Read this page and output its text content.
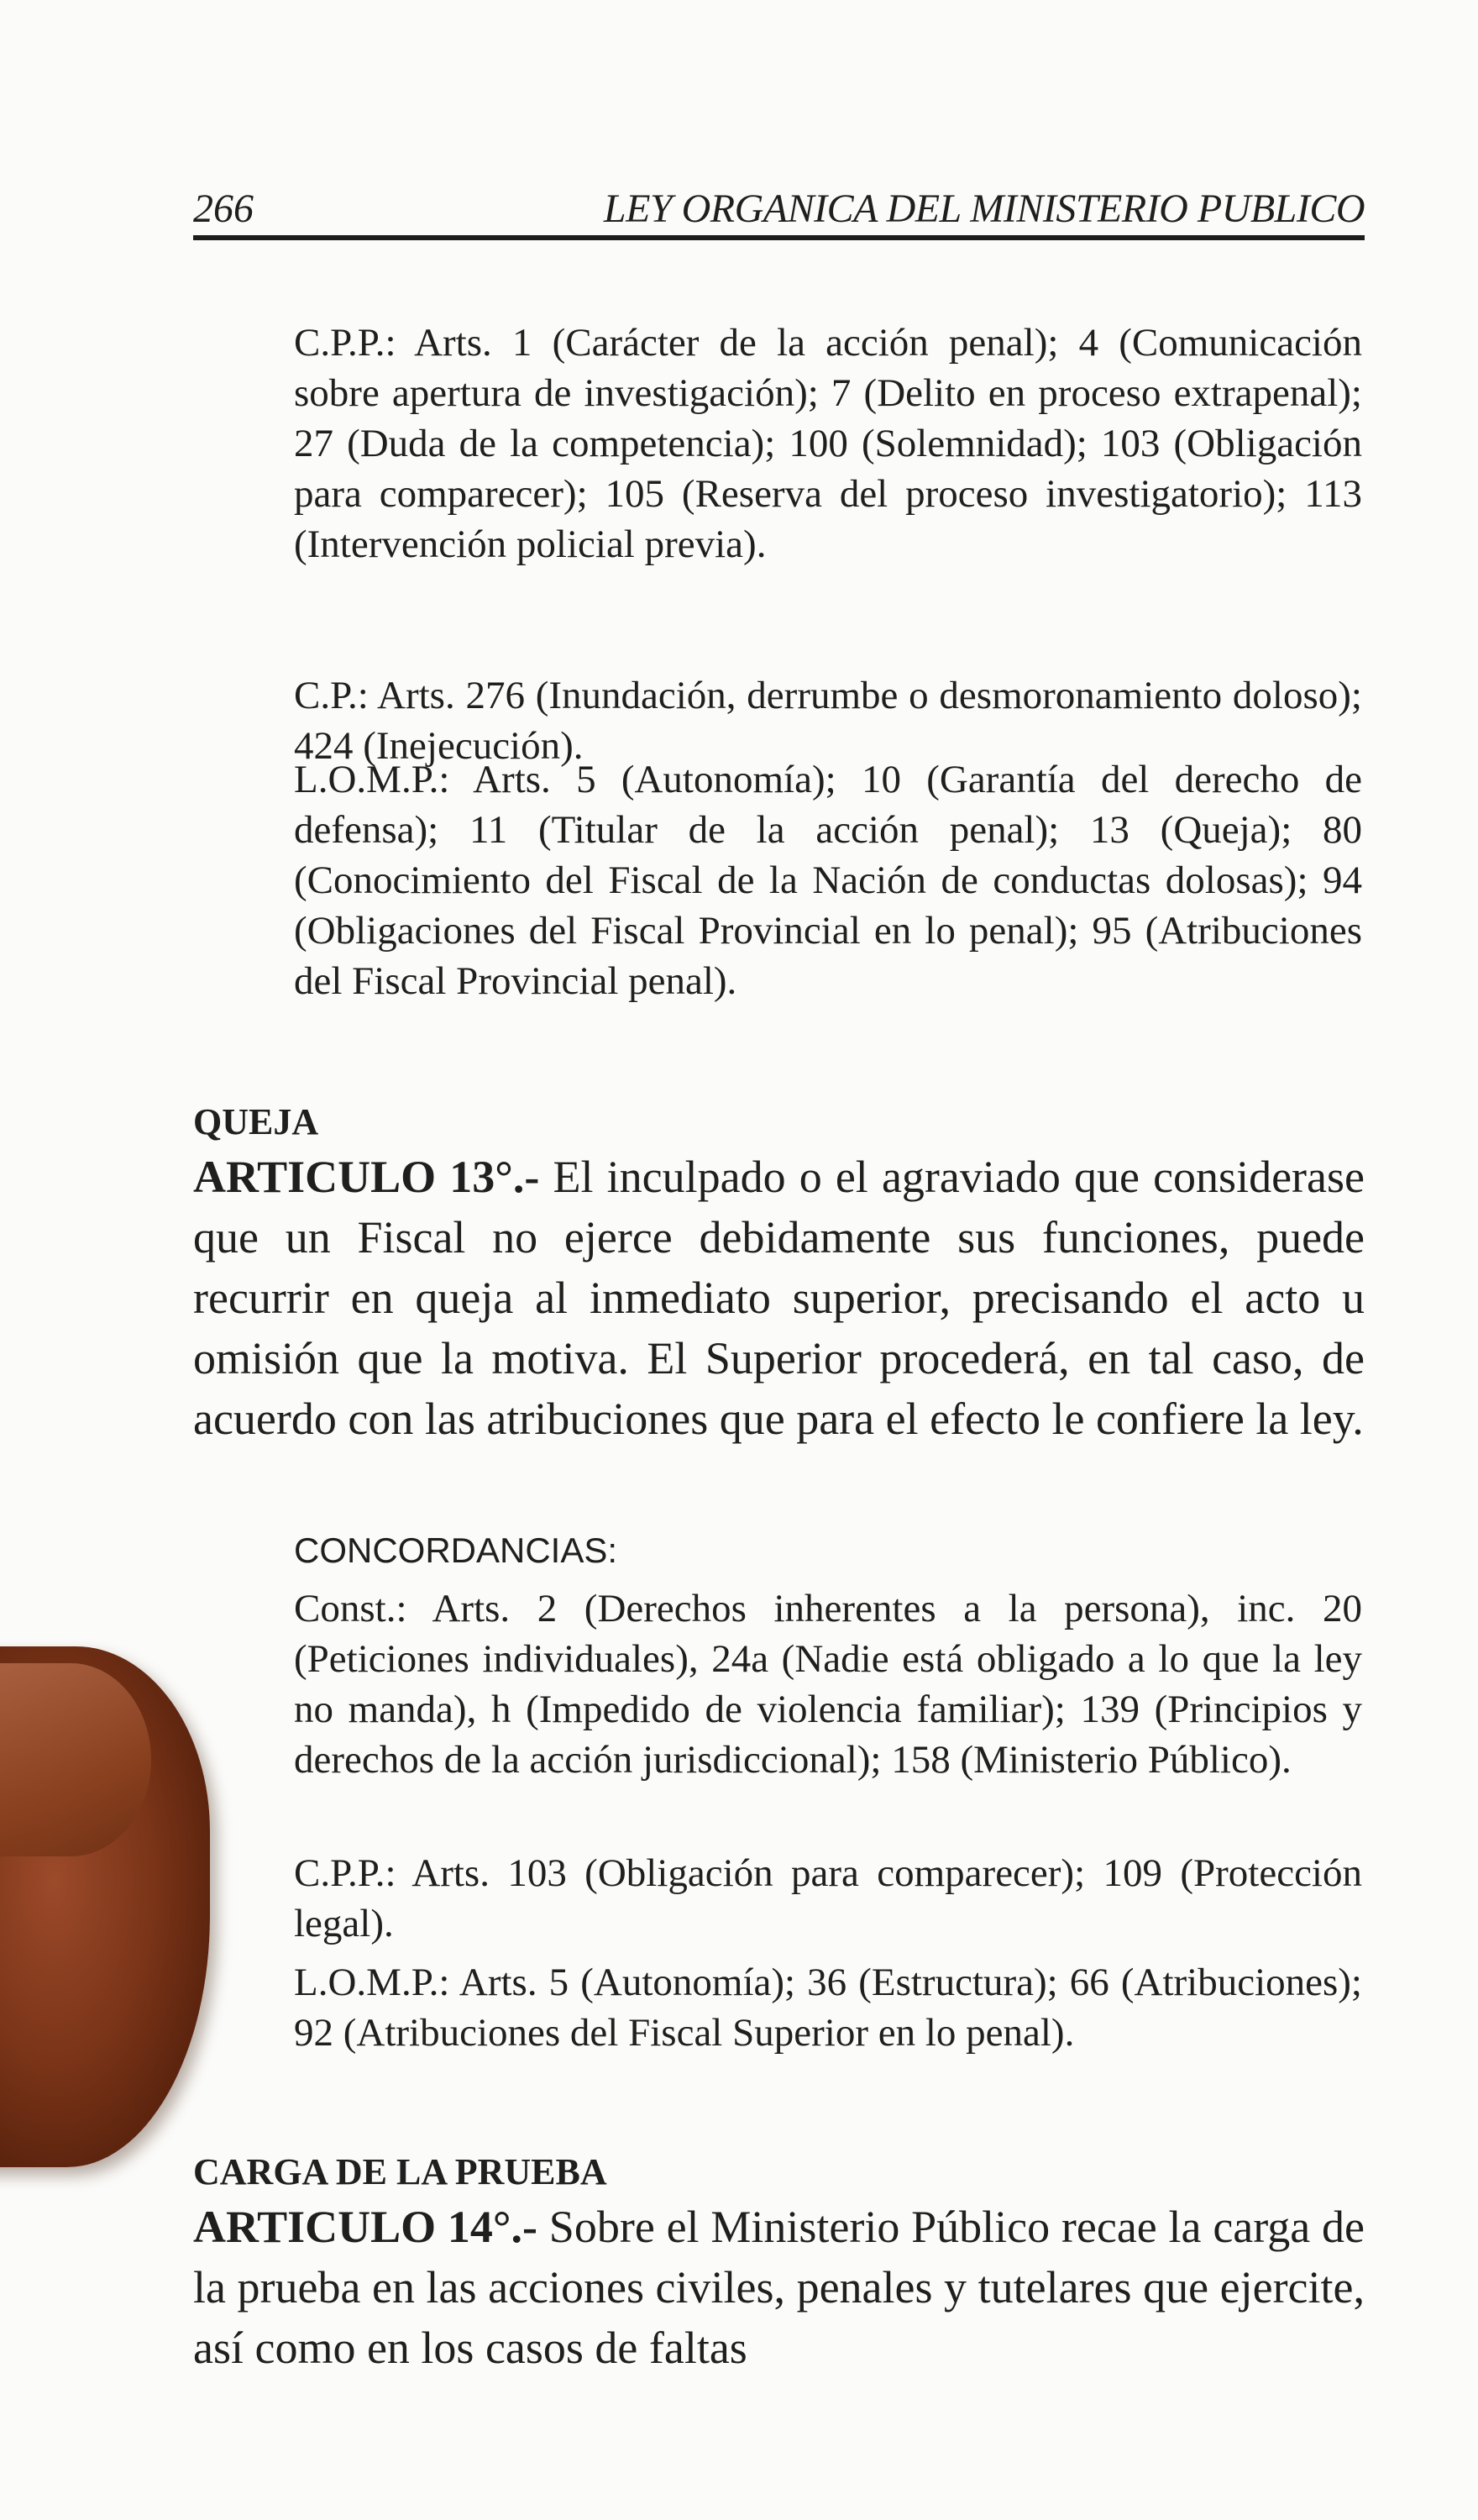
266	LEY ORGANICA DEL MINISTERIO PUBLICO

C.P.P.: Arts. 1 (Carácter de la acción penal); 4 (Comunicación sobre apertura de investigación); 7 (Delito en proceso extrapenal); 27 (Duda de la competencia); 100 (Solemnidad); 103 (Obligación para comparecer); 105 (Reserva del proceso investigatorio); 113 (Intervención policial previa).

C.P.: Arts. 276 (Inundación, derrumbe o desmoronamiento doloso); 424 (Inejecución).

L.O.M.P.: Arts. 5 (Autonomía); 10 (Garantía del derecho de defensa); 11 (Titular de la acción penal); 13 (Queja); 80 (Conocimiento del Fiscal de la Nación de conductas dolosas); 94 (Obligaciones del Fiscal Provincial en lo penal); 95 (Atribuciones del Fiscal Provincial penal).

QUEJA

ARTICULO 13°.- El inculpado o el agraviado que considerase que un Fiscal no ejerce debidamente sus funciones, puede recurrir en queja al inmediato superior, precisando el acto u omisión que la motiva. El Superior procederá, en tal caso, de acuerdo con las atribuciones que para el efecto le confiere la ley.

CONCORDANCIAS:

Const.: Arts. 2 (Derechos inherentes a la persona), inc. 20 (Peticiones individuales), 24a (Nadie está obligado a lo que la ley no manda), h (Impedido de violencia familiar); 139 (Principios y derechos de la acción jurisdiccional); 158 (Ministerio Público).

C.P.P.: Arts. 103 (Obligación para comparecer); 109 (Protección legal).

L.O.M.P.: Arts. 5 (Autonomía); 36 (Estructura); 66 (Atribuciones); 92 (Atribuciones del Fiscal Superior en lo penal).

CARGA DE LA PRUEBA

ARTICULO 14°.- Sobre el Ministerio Público recae la carga de la prueba en las acciones civiles, penales y tutelares que ejercite, así como en los casos de faltas
